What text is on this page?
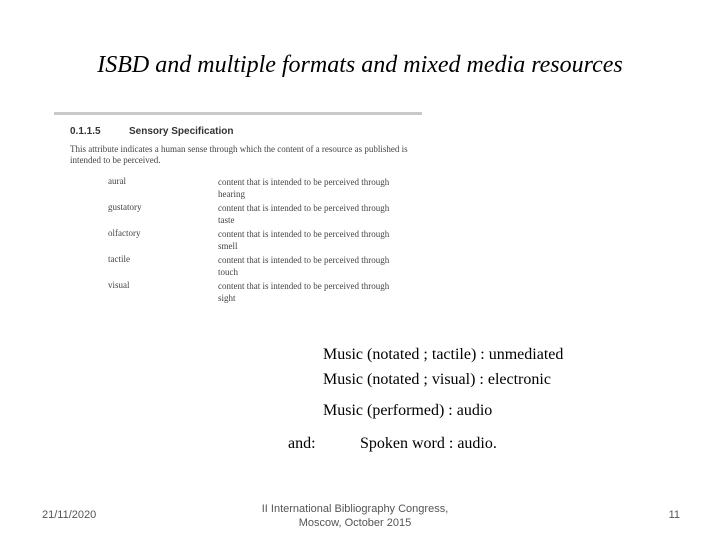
ISBD and multiple formats and mixed media resources
0.1.1.5	Sensory Specification
This attribute indicates a human sense through which the content of a resource as published is intended to be perceived.
aural	content that is intended to be perceived through hearing
gustatory	content that is intended to be perceived through taste
olfactory	content that is intended to be perceived through smell
tactile	content that is intended to be perceived through touch
visual	content that is intended to be perceived through sight
Music (notated ; tactile) : unmediated
Music (notated ; visual) : electronic
Music (performed) : audio
and:	Spoken word : audio.
21/11/2020	II International Bibliography Congress,
Moscow, October 2015
11
